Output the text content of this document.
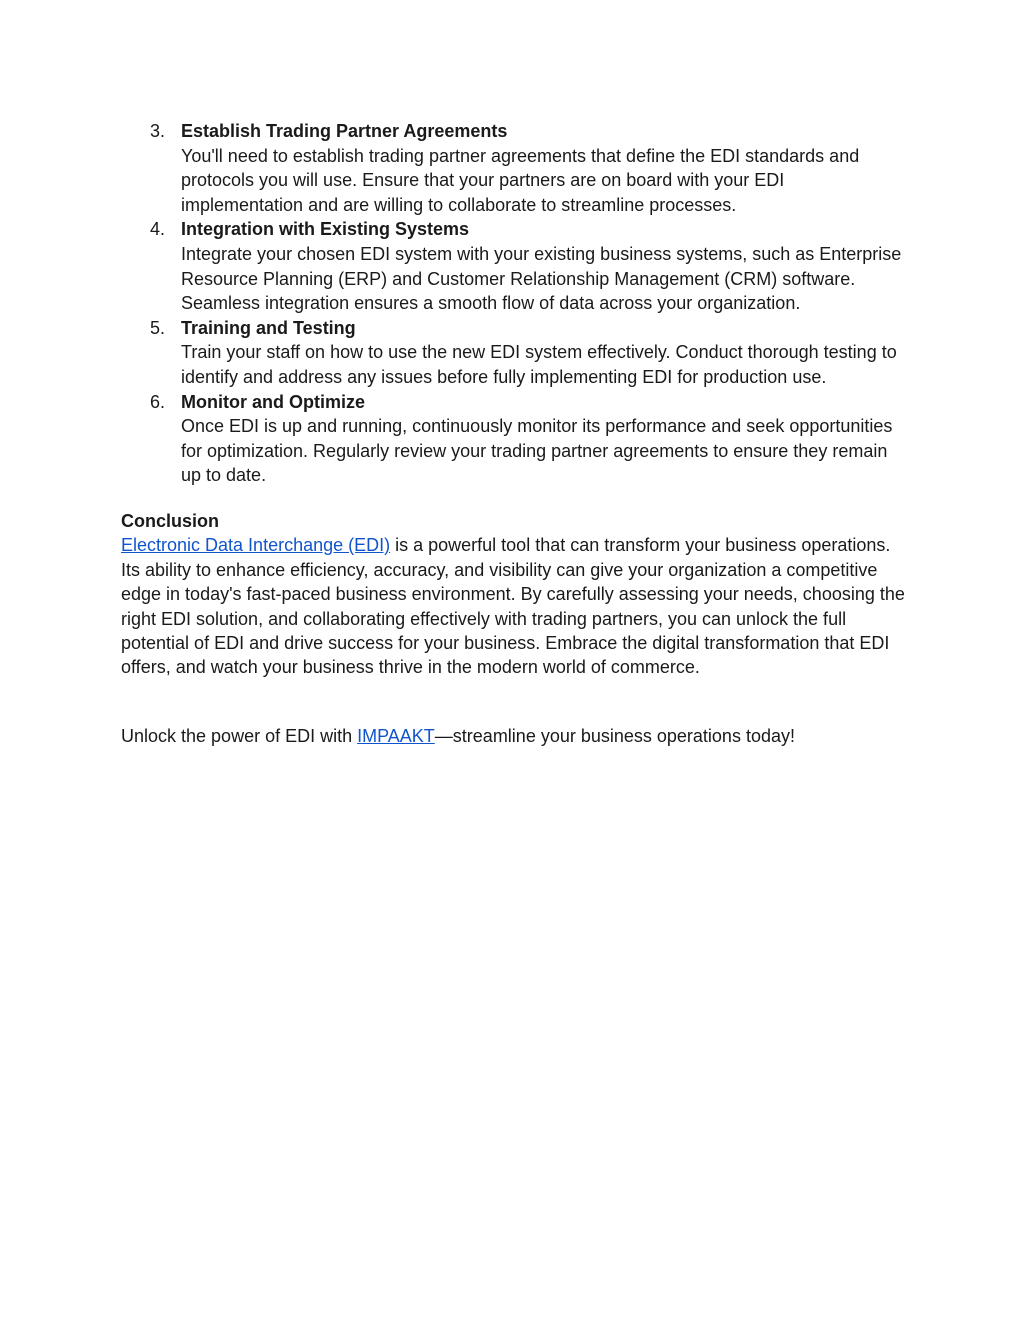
3. Establish Trading Partner Agreements
You'll need to establish trading partner agreements that define the EDI standards and protocols you will use. Ensure that your partners are on board with your EDI implementation and are willing to collaborate to streamline processes.
4. Integration with Existing Systems
Integrate your chosen EDI system with your existing business systems, such as Enterprise Resource Planning (ERP) and Customer Relationship Management (CRM) software. Seamless integration ensures a smooth flow of data across your organization.
5. Training and Testing
Train your staff on how to use the new EDI system effectively. Conduct thorough testing to identify and address any issues before fully implementing EDI for production use.
6. Monitor and Optimize
Once EDI is up and running, continuously monitor its performance and seek opportunities for optimization. Regularly review your trading partner agreements to ensure they remain up to date.
Conclusion

Electronic Data Interchange (EDI) is a powerful tool that can transform your business operations. Its ability to enhance efficiency, accuracy, and visibility can give your organization a competitive edge in today's fast-paced business environment. By carefully assessing your needs, choosing the right EDI solution, and collaborating effectively with trading partners, you can unlock the full potential of EDI and drive success for your business. Embrace the digital transformation that EDI offers, and watch your business thrive in the modern world of commerce.

Unlock the power of EDI with IMPAAKT—streamline your business operations today!
